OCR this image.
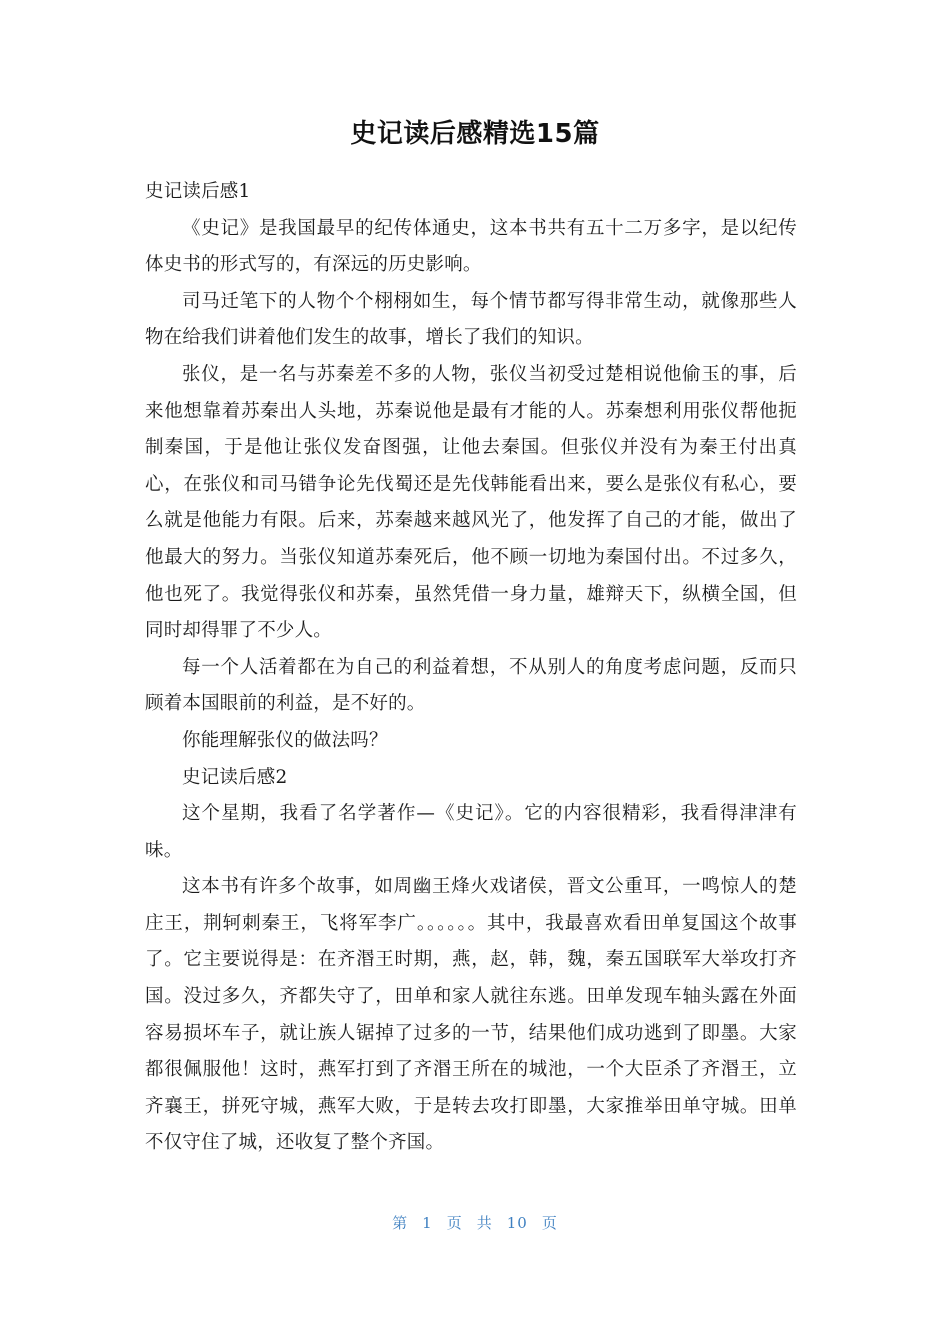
史记读后感精选15篇

史记读后感1

《史记》是我国最早的纪传体通史，这本书共有五十二万多字，是以纪传体史书的形式写的，有深远的历史影响。

司马迁笔下的人物个个栩栩如生，每个情节都写得非常生动，就像那些人物在给我们讲着他们发生的故事，增长了我们的知识。

张仪，是一名与苏秦差不多的人物，张仪当初受过楚相说他偷玉的事，后来他想靠着苏秦出人头地，苏秦说他是最有才能的人。苏秦想利用张仪帮他扼制秦国，于是他让张仪发奋图强，让他去秦国。但张仪并没有为秦王付出真心，在张仪和司马错争论先伐蜀还是先伐韩能看出来，要么是张仪有私心，要么就是他能力有限。后来，苏秦越来越风光了，他发挥了自己的才能，做出了他最大的努力。当张仪知道苏秦死后，他不顾一切地为秦国付出。不过多久，他也死了。我觉得张仪和苏秦，虽然凭借一身力量，雄辩天下，纵横全国，但同时却得罪了不少人。

每一个人活着都在为自己的利益着想，不从别人的角度考虑问题，反而只顾着本国眼前的利益，是不好的。

你能理解张仪的做法吗？

史记读后感2

这个星期，我看了名学著作—《史记》。它的内容很精彩，我看得津津有味。

这本书有许多个故事，如周幽王烽火戏诸侯，晋文公重耳，一鸣惊人的楚庄王，荆轲刺秦王，飞将军李广。。。。。。其中，我最喜欢看田单复国这个故事了。它主要说得是：在齐湣王时期，燕，赵，韩，魏，秦五国联军大举攻打齐国。没过多久，齐都失守了，田单和家人就往东逃。田单发现车轴头露在外面容易损坏车子，就让族人锯掉了过多的一节，结果他们成功逃到了即墨。大家都很佩服他！这时，燕军打到了齐湣王所在的城池，一个大臣杀了齐湣王，立齐襄王，拼死守城，燕军大败，于是转去攻打即墨，大家推举田单守城。田单不仅守住了城，还收复了整个齐国。

第 1 页 共 10 页
